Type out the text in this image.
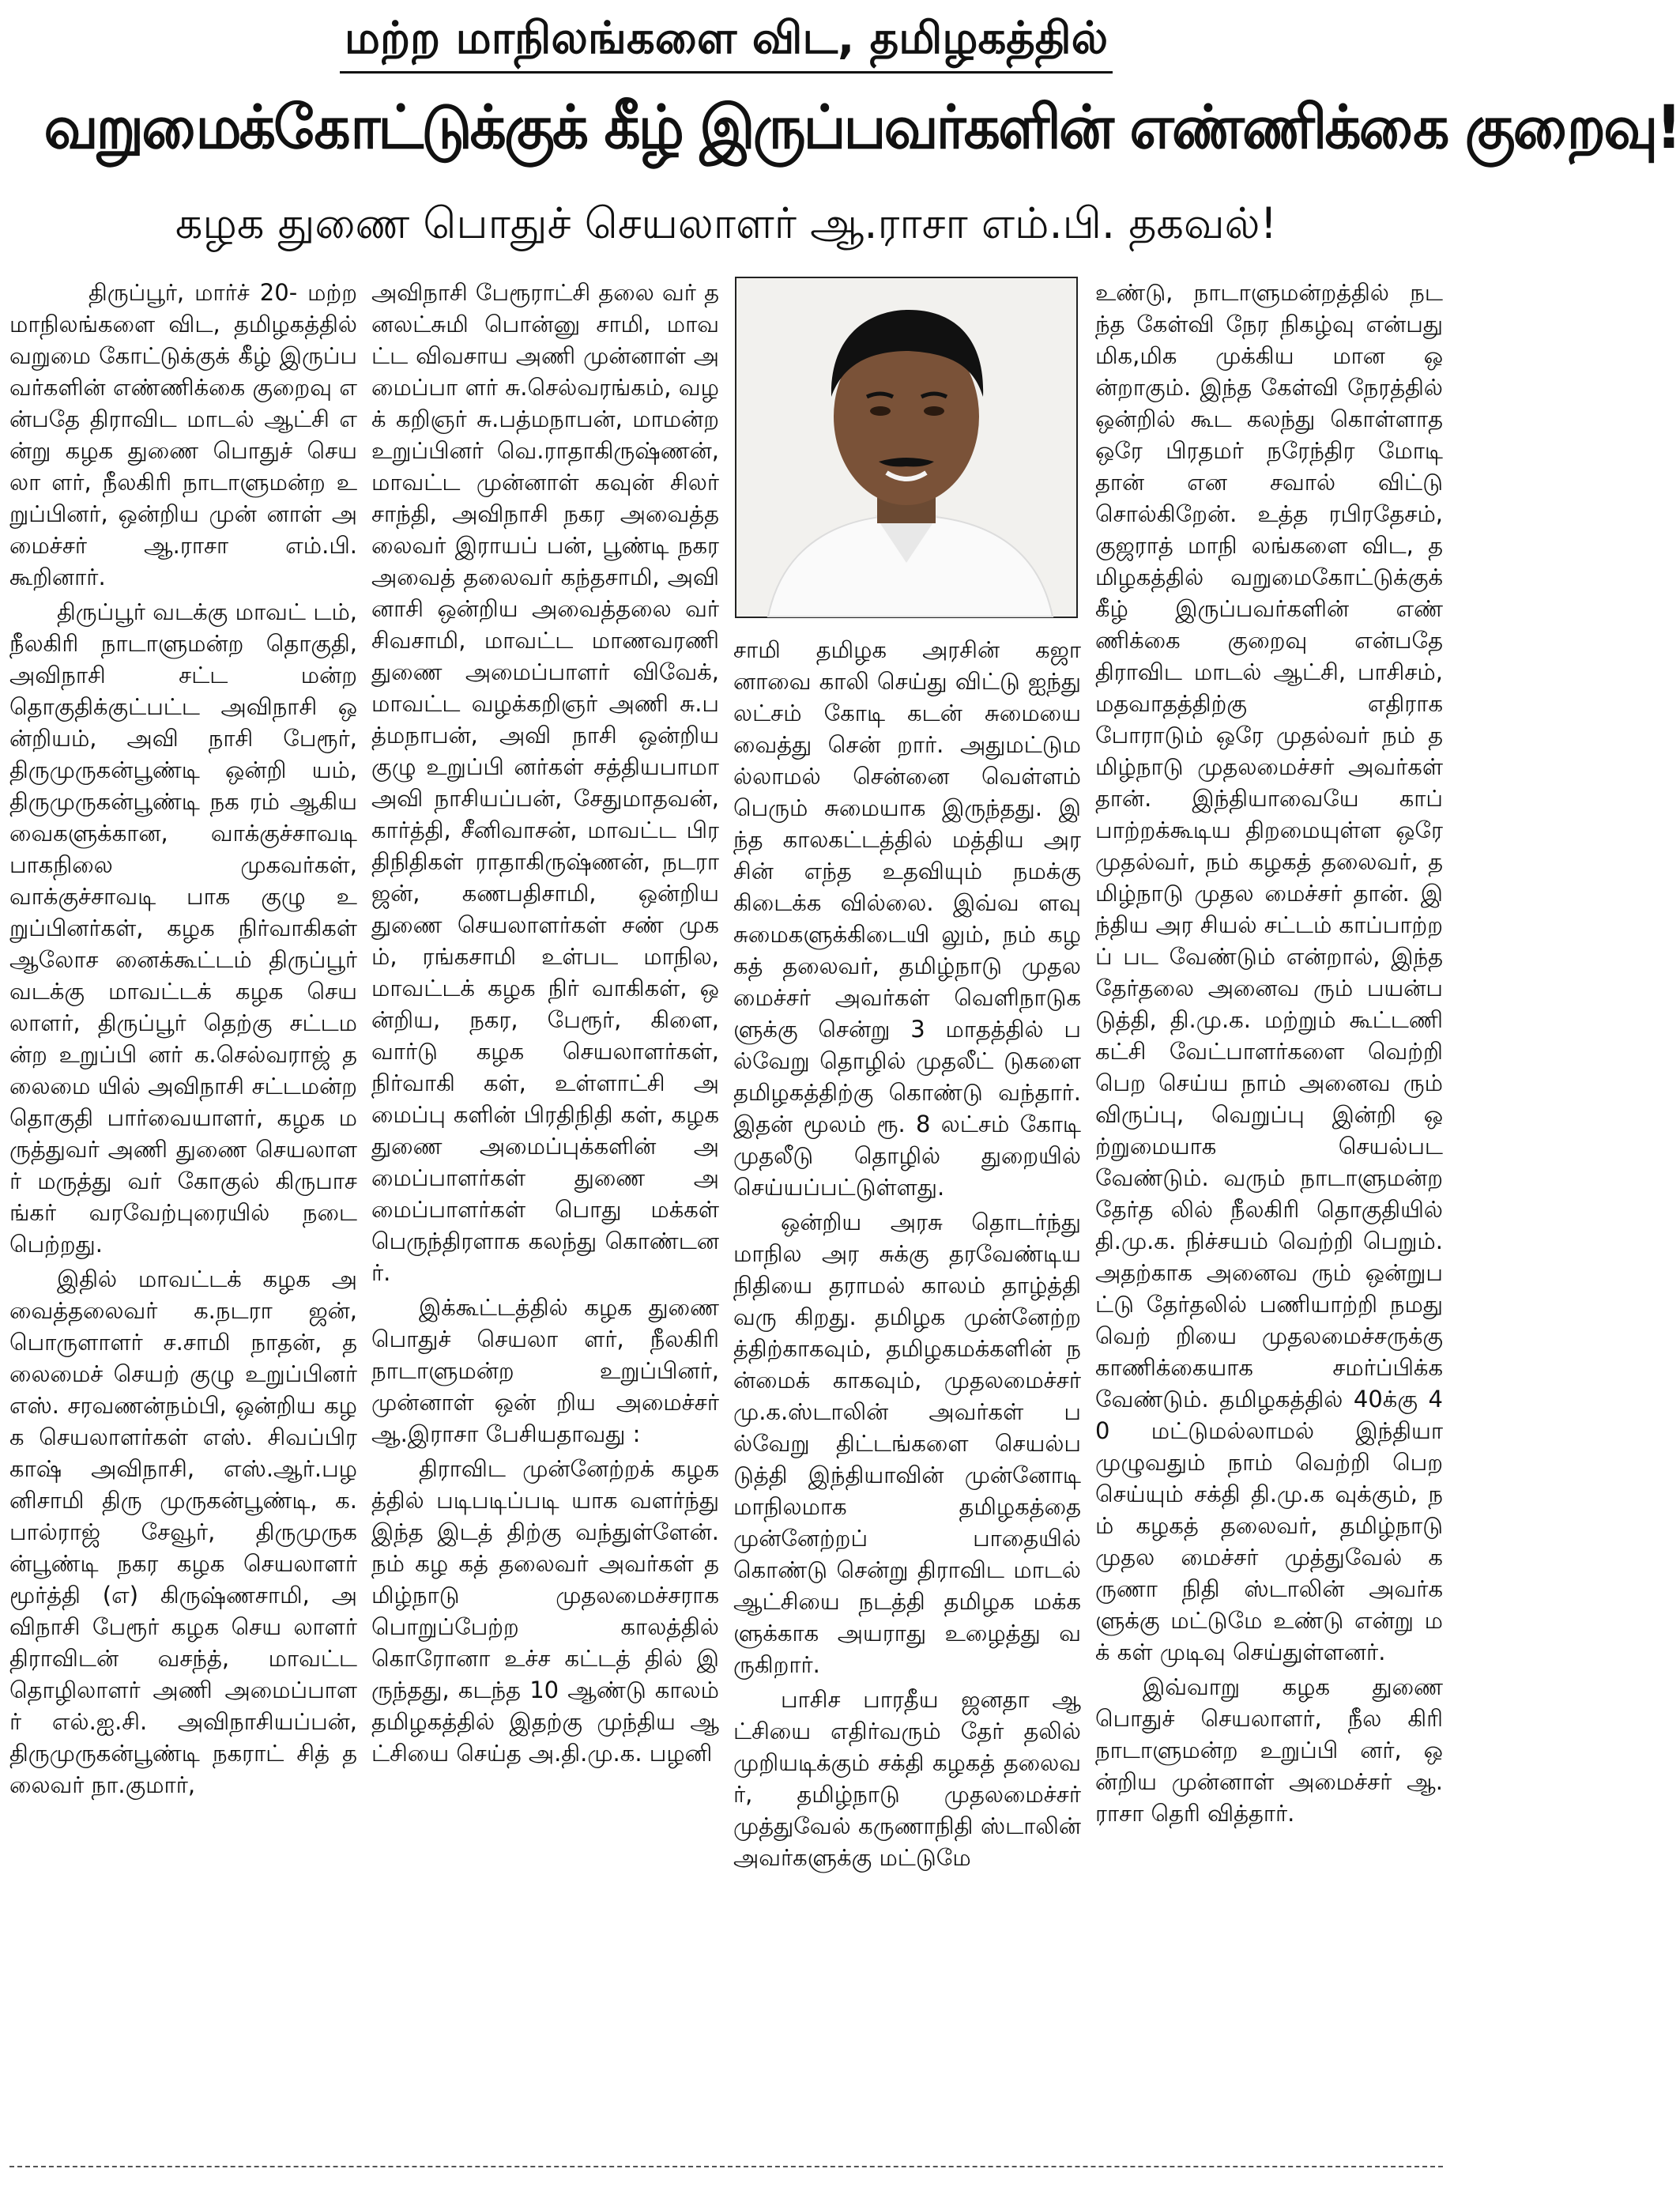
மற்ற மாநிலங்களை விட, தமிழகத்தில்
வறுமைக்கோட்டுக்குக் கீழ் இருப்பவர்களின் எண்ணிக்கை குறைவு!
கழக துணை பொதுச் செயலாளர் ஆ.ராசா எம்.பி. தகவல்!

திருப்பூர், மார்ச் 20- மற்ற மாநிலங்களை விட, தமிழகத்தில் வறுமை கோட்டுக்குக் கீழ் இருப்ப வர்களின் எண்ணிக்கை குறைவு என்பதே திராவிட மாடல் ஆட்சி என்று கழக துணை பொதுச் செயலா ளர், நீலகிரி நாடாளுமன்ற உறுப்பினர், ஒன்றிய முன் னாள் அமைச்சர் ஆ.ராசா எம்.பி. கூறினார்.

திருப்பூர் வடக்கு மாவட் டம், நீலகிரி நாடாளுமன்ற தொகுதி, அவிநாசி சட்ட மன்ற தொகுதிக்குட்பட்ட அவிநாசி ஒன்றியம், அவி நாசி பேரூர், திருமுருகன்பூண்டி ஒன்றி யம், திருமுருகன்பூண்டி நக ரம் ஆகியவைகளுக்கான, வாக்குச்சாவடி பாகநிலை முகவர்கள், வாக்குச்சாவடி பாக குழு உறுப்பினர்கள், கழக நிர்வாகிகள் ஆலோச னைக்கூட்டம் திருப்பூர் வடக்கு மாவட்டக் கழக செயலாளர், திருப்பூர் தெற்கு சட்டமன்ற உறுப்பி னர் க.செல்வராஜ் தலைமை யில் அவிநாசி சட்டமன்ற தொகுதி பார்வையாளர், கழக மருத்துவர் அணி துணை செயலாளர் மருத்து வர் கோகுல் கிருபாசங்கர் வரவேற்புரையில் நடை பெற்றது.

இதில் மாவட்டக் கழக அவைத்தலைவர் க.நடரா ஜன், பொருளாளர் ச.சாமி நாதன், தலைமைச் செயற் குழு உறுப்பினர் எஸ். சரவணன்நம்பி, ஒன்றிய கழக செயலாளர்கள் எஸ். சிவப்பிரகாஷ் அவிநாசி, எஸ்.ஆர்.பழனிசாமி திரு முருகன்பூண்டி, க.பால்ராஜ் சேவூர், திருமுருகன்பூண்டி நகர கழக செயலாளர் மூர்த்தி (எ) கிருஷ்ணசாமி, அவிநாசி பேரூர் கழக செய லாளர் திராவிடன் வசந்த், மாவட்ட தொழிலாளர் அணி அமைப்பாளர் எல்.ஐ.சி. அவிநாசியப்பன், திருமுருகன்பூண்டி நகராட் சித் தலைவர் நா.குமார்,

அவிநாசி பேரூராட்சி தலை வர் தனலட்சுமி பொன்னு சாமி, மாவட்ட விவசாய அணி முன்னாள் அமைப்பா ளர் சு.செல்வரங்கம், வழக் கறிஞர் சு.பத்மநாபன், மாமன்ற உறுப்பினர் வெ.ராதாகிருஷ்ணன், மாவட்ட முன்னாள் கவுன் சிலர் சாந்தி, அவிநாசி நகர அவைத்தலைவர் இராயப் பன், பூண்டி நகர அவைத் தலைவர் கந்தசாமி, அவி னாசி ஒன்றிய அவைத்தலை வர் சிவசாமி, மாவட்ட மாணவரணி துணை அமைப்பாளர் விவேக், மாவட்ட வழக்கறிஞர் அணி சு.பத்மநாபன், அவி நாசி ஒன்றிய குழு உறுப்பி னர்கள் சத்தியபாமா அவி நாசியப்பன், சேதுமாதவன், கார்த்தி, சீனிவாசன், மாவட்ட பிரதிநிதிகள் ராதாகிருஷ்ணன், நடரா ஜன், கணபதிசாமி, ஒன்றிய துணை செயலாளர்கள் சண் முகம், ரங்கசாமி உள்பட மாநில, மாவட்டக் கழக நிர் வாகிகள், ஒன்றிய, நகர, பேரூர், கிளை, வார்டு கழக செயலாளர்கள், நிர்வாகி கள், உள்ளாட்சி அமைப்பு களின் பிரதிநிதி கள், கழக துணை அமைப்புக்களின் அமைப்பாளர்கள் துணை அமைப்பாளர்கள் பொது மக்கள் பெருந்திரளாக கலந்து கொண்டனர்.

இக்கூட்டத்தில் கழக துணை பொதுச் செயலா ளர், நீலகிரி நாடாளுமன்ற உறுப்பினர், முன்னாள் ஒன் றிய அமைச்சர் ஆ.இராசா பேசியதாவது :

திராவிட முன்னேற்றக் கழகத்தில் படிபடிப்படி யாக வளர்ந்து இந்த இடத் திற்கு வந்துள்ளேன். நம் கழ கத் தலைவர் அவர்கள் தமிழ்நாடு முதலமைச்சராக பொறுப்பேற்ற காலத்தில் கொரோனா உச்ச கட்டத் தில் இருந்தது, கடந்த 10 ஆண்டு காலம் தமிழகத்தில் இதற்கு முந்திய ஆட்சியை செய்த அ.தி.மு.க. பழனி

சாமி தமிழக அரசின் கஜா னாவை காலி செய்து விட்டு ஐந்து லட்சம் கோடி கடன் சுமையை வைத்து சென் றார். அதுமட்டுமல்லாமல் சென்னை வெள்ளம் பெரும் சுமையாக இருந்தது. இந்த காலகட்டத்தில் மத்திய அர சின் எந்த உதவியும் நமக்கு கிடைக்க வில்லை. இவ்வ ளவு சுமைகளுக்கிடையி லும், நம் கழகத் தலைவர், தமிழ்நாடு முதலமைச்சர் அவர்கள் வெளிநாடுக ளுக்கு சென்று 3 மாதத்தில் பல்வேறு தொழில் முதலீட் டுகளை தமிழகத்திற்கு கொண்டு வந்தார். இதன் மூலம் ரூ. 8 லட்சம் கோடி முதலீடு தொழில் துறையில் செய்யப்பட்டுள்ளது.

ஒன்றிய அரசு தொடர்ந்து மாநில அர சுக்கு தரவேண்டிய நிதியை தராமல் காலம் தாழ்த்தி வரு கிறது. தமிழக முன்னேற்றத்திற்காகவும், தமிழகமக்களின் நன்மைக் காகவும், முதலமைச்சர் மு.க.ஸ்டாலின் அவர்கள் பல்வேறு திட்டங்களை செயல்படுத்தி இந்தியாவின் முன்னோடி மாநிலமாக தமிழகத்தை முன்னேற்றப் பாதையில் கொண்டு சென்று திராவிட மாடல் ஆட்சியை நடத்தி தமிழக மக்களுக்காக அயராது உழைத்து வருகிறார்.

பாசிச பாரதீய ஜனதா ஆட்சியை எதிர்வரும் தேர் தலில் முறியடிக்கும் சக்தி கழகத் தலைவர், தமிழ்நாடு முதலமைச்சர் முத்துவேல் கருணாநிதி ஸ்டாலின் அவர்களுக்கு மட்டுமே

உண்டு, நாடாளுமன்றத்தில் நடந்த கேள்வி நேர நிகழ்வு என்பது மிக,மிக முக்கிய மான ஒன்றாகும். இந்த கேள்வி நேரத்தில் ஒன்றில் கூட கலந்து கொள்ளாத ஒரே பிரதமர் நரேந்திர மோடி தான் என சவால் விட்டு சொல்கிறேன். உத்த ரபிரதேசம், குஜராத் மாநி லங்களை விட, தமிழகத்தில் வறுமைகோட்டுக்குக் கீழ் இருப்பவர்களின் எண் ணிக்கை குறைவு என்பதே திராவிட மாடல் ஆட்சி, பாசிசம், மதவாதத்திற்கு எதிராக போராடும் ஒரே முதல்வர் நம் தமிழ்நாடு முதலமைச்சர் அவர்கள் தான். இந்தியாவையே காப் பாற்றக்கூடிய திறமையுள்ள ஒரே முதல்வர், நம் கழகத் தலைவர், தமிழ்நாடு முதல மைச்சர் தான். இந்திய அர சியல் சட்டம் காப்பாற்றப் பட வேண்டும் என்றால், இந்த தேர்தலை அனைவ ரும் பயன்படுத்தி, தி.மு.க. மற்றும் கூட்டணி கட்சி வேட்பாளர்களை வெற்றி பெற செய்ய நாம் அனைவ ரும் விருப்பு, வெறுப்பு இன்றி ஒற்றுமையாக செயல்பட வேண்டும். வரும் நாடாளுமன்ற தேர்த லில் நீலகிரி தொகுதியில் தி.மு.க. நிச்சயம் வெற்றி பெறும். அதற்காக அனைவ ரும் ஒன்றுபட்டு தேர்தலில் பணியாற்றி நமது வெற் றியை முதலமைச்சருக்கு காணிக்கையாக சமர்ப்பிக்க வேண்டும். தமிழகத்தில் 40க்கு 40 மட்டுமல்லாமல் இந்தியா முழுவதும் நாம் வெற்றி பெற செய்யும் சக்தி தி.மு.க வுக்கும், நம் கழகத் தலைவர், தமிழ்நாடு முதல மைச்சர் முத்துவேல் கருணா நிதி ஸ்டாலின் அவர்களுக்கு மட்டுமே உண்டு என்று மக் கள் முடிவு செய்துள்ளனர்.

இவ்வாறு கழக துணை பொதுச் செயலாளர், நீல கிரி நாடாளுமன்ற உறுப்பி னர், ஒன்றிய முன்னாள் அமைச்சர் ஆ.ராசா தெரி வித்தார்.
